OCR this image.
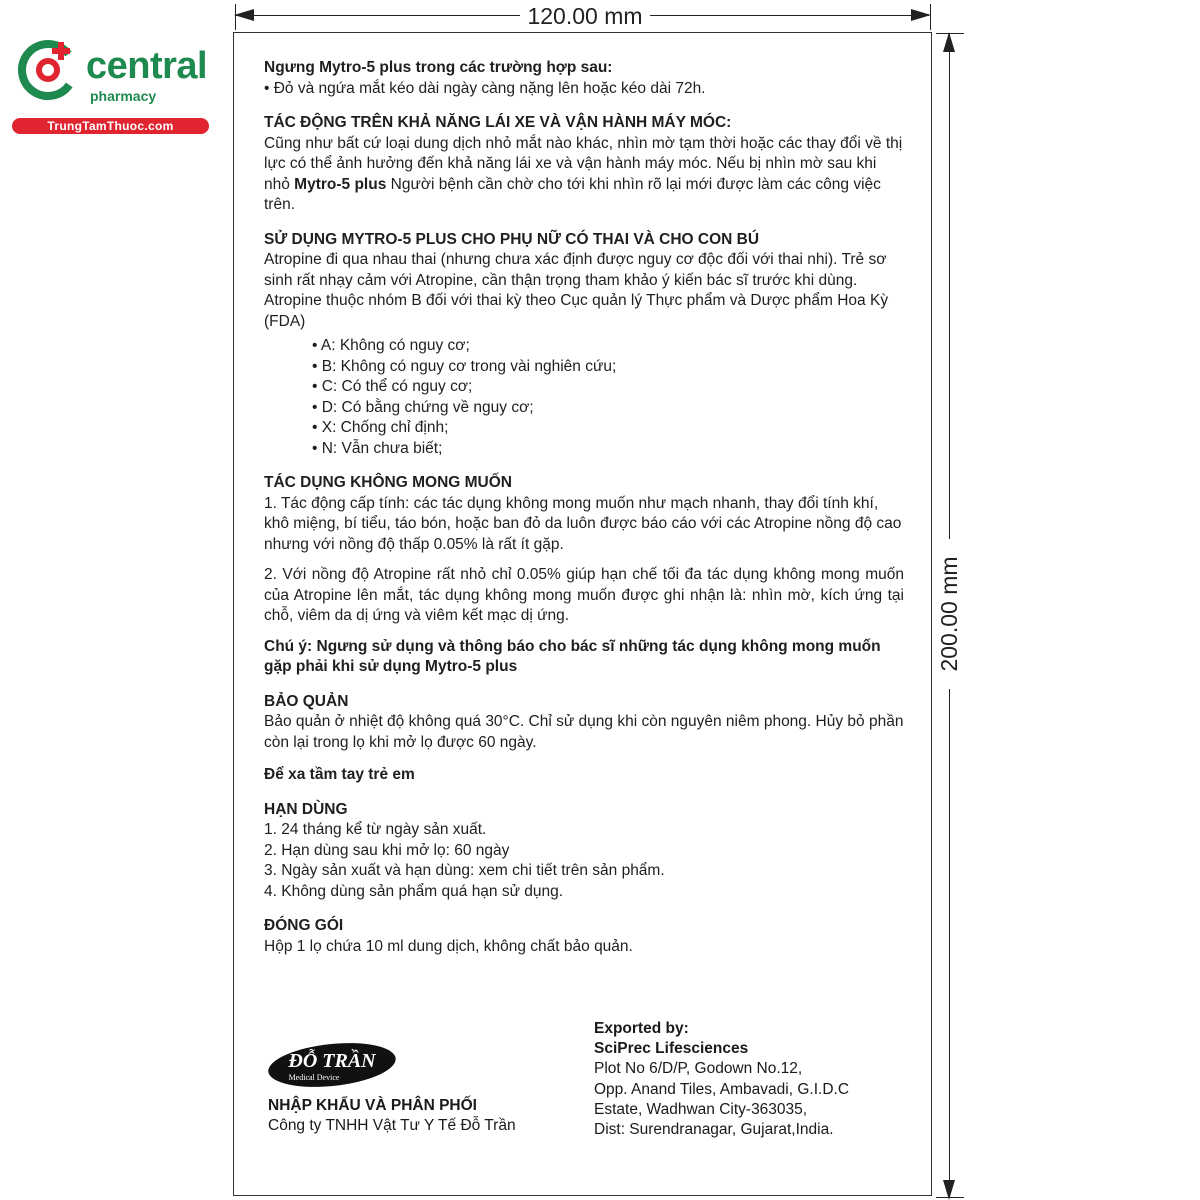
central
pharmacy
TrungTamThuoc.com
120.00 mm
200.00 mm

Ngưng Mytro-5 plus trong các trường hợp sau:

• Đỏ và ngứa mắt kéo dài ngày càng nặng lên hoặc kéo dài 72h.

TÁC ĐỘNG TRÊN KHẢ NĂNG LÁI XE VÀ VẬN HÀNH MÁY MÓC:

Cũng như bất cứ loại dung dịch nhỏ mắt nào khác, nhìn mờ tạm thời hoặc các thay đổi về thị lực có thể ảnh hưởng đến khả năng lái xe và vận hành máy móc. Nếu bị nhìn mờ sau khi nhỏ Mytro-5 plus Người bệnh cần chờ cho tới khi nhìn rõ lại mới được làm các công việc trên.

SỬ DỤNG MYTRO-5 PLUS CHO PHỤ NỮ CÓ THAI VÀ CHO CON BÚ

Atropine đi qua nhau thai (nhưng chưa xác định được nguy cơ độc đối với thai nhi). Trẻ sơ sinh rất nhạy cảm với Atropine, cần thận trọng tham khảo ý kiến bác sĩ trước khi dùng. Atropine thuộc nhóm B đối với thai kỳ theo Cục quản lý Thực phẩm và Dược phẩm Hoa Kỳ (FDA)

• A: Không có nguy cơ;

• B: Không có nguy cơ trong vài nghiên cứu;

• C: Có thể có nguy cơ;

• D: Có bằng chứng về nguy cơ;

• X: Chống chỉ định;

• N: Vẫn chưa biết;

TÁC DỤNG KHÔNG MONG MUỐN

1. Tác động cấp tính: các tác dụng không mong muốn như mạch nhanh, thay đổi tính khí, khô miệng, bí tiểu, táo bón, hoặc ban đỏ da luôn được báo cáo với các Atropine nồng độ cao nhưng với nồng độ thấp 0.05% là rất ít gặp.

2. Với nồng độ Atropine rất nhỏ chỉ 0.05% giúp hạn chế tối đa tác dụng không mong muốn của Atropine lên mắt, tác dụng không mong muốn được ghi nhận là: nhìn mờ, kích ứng tại chỗ, viêm da dị ứng và viêm kết mạc dị ứng.

Chú ý: Ngưng sử dụng và thông báo cho bác sĩ những tác dụng không mong muốn gặp phải khi sử dụng Mytro-5 plus

BẢO QUẢN

Bảo quản ở nhiệt độ không quá 30°C. Chỉ sử dụng khi còn nguyên niêm phong. Hủy bỏ phần còn lại trong lọ khi mở lọ được 60 ngày.

Để xa tầm tay trẻ em

HẠN DÙNG

1. 24 tháng kể từ ngày sản xuất.

2. Hạn dùng sau khi mở lọ: 60 ngày

3. Ngày sản xuất và hạn dùng: xem chi tiết trên sản phẩm.

4. Không dùng sản phẩm quá hạn sử dụng.

ĐÓNG GÓI

Hộp 1 lọ chứa 10 ml dung dịch, không chất bảo quản.

ĐỖ TRẦN
Medical Device

NHẬP KHẨU VÀ PHÂN PHỐI

Công ty TNHH Vật Tư Y Tế Đỗ Trần

Exported by:

SciPrec Lifesciences

Plot No 6/D/P, Godown No.12,

Opp. Anand Tiles, Ambavadi, G.I.D.C

Estate, Wadhwan City-363035,

Dist: Surendranagar, Gujarat,India.
